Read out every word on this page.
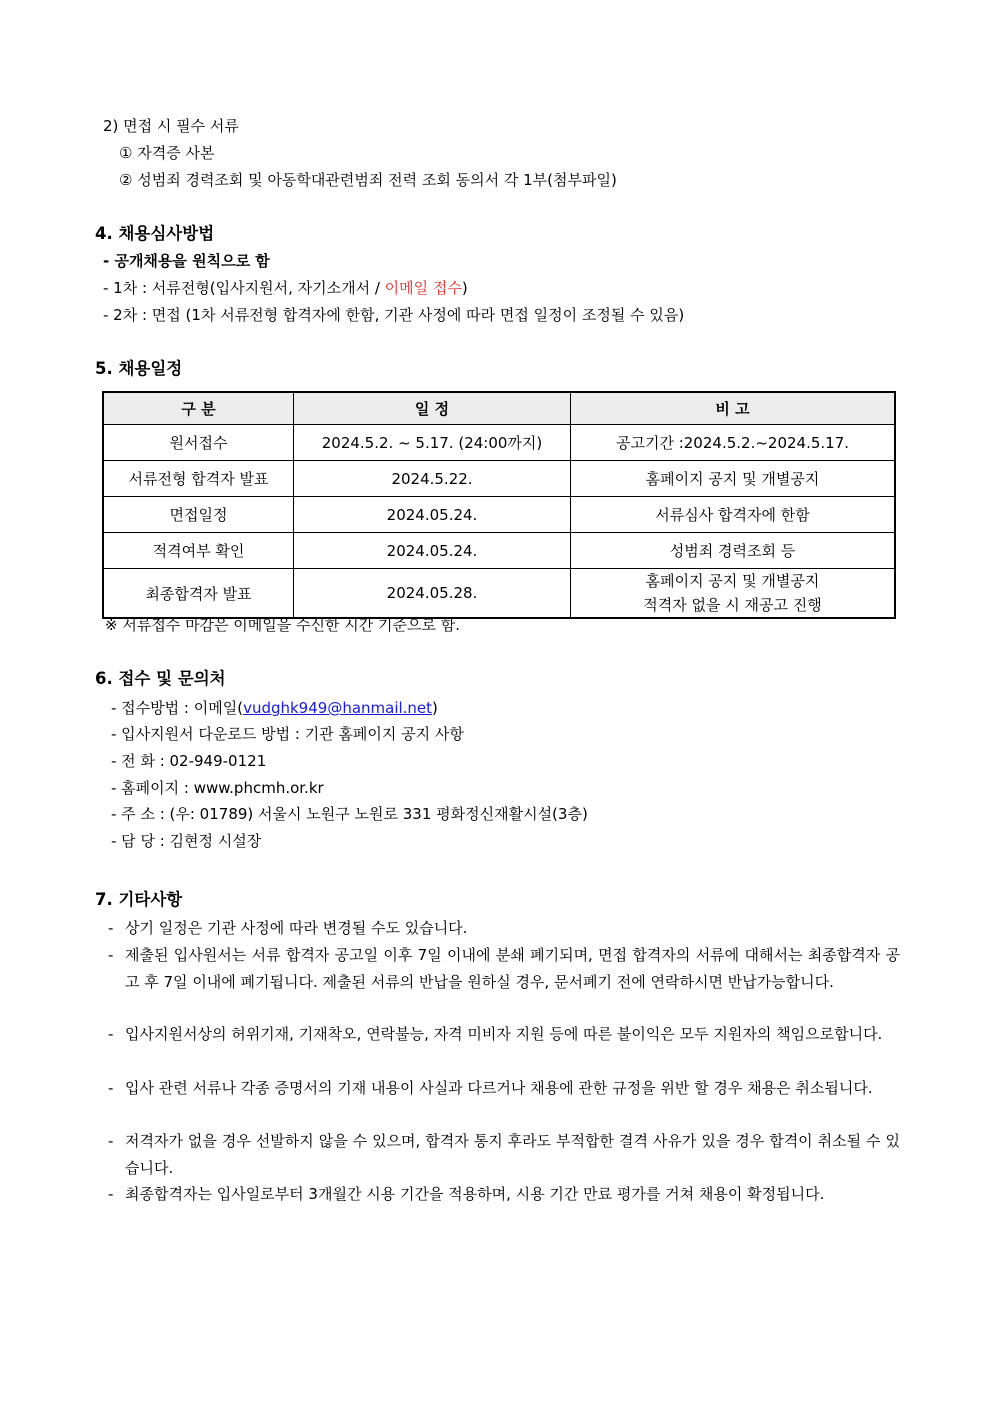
2) 면접 시 필수 서류
① 자격증 사본
② 성범죄 경력조회 및 아동학대관련범죄 전력 조회 동의서 각 1부(첨부파일)
4. 채용심사방법
- 공개채용을 원칙으로 함
- 1차 : 서류전형(입사지원서, 자기소개서 / 이메일 접수)
- 2차 : 면접 (1차 서류전형 합격자에 한함, 기관 사정에 따라 면접 일정이 조정될 수 있음)
5. 채용일정
구 분	일 정	비 고
원서접수	2024.5.2. ~ 5.17. (24:00까지)	공고기간 :2024.5.2.~2024.5.17.
서류전형 합격자 발표	2024.5.22.	홈페이지 공지 및 개별공지
면접일정	2024.05.24.	서류심사 합격자에 한함
적격여부 확인	2024.05.24.	성범죄 경력조회 등
최종합격자 발표	2024.05.28.	홈페이지 공지 및 개별공지
적격자 없을 시 재공고 진행
※ 서류접수 마감은 이메일을 수신한 시간 기준으로 함.
6. 접수 및 문의처
- 접수방법 : 이메일(vudghk949@hanmail.net)
- 입사지원서 다운로드 방법 : 기관 홈페이지 공지 사항
- 전 화 : 02-949-0121
- 홈페이지 : www.phcmh.or.kr
- 주 소 : (우: 01789) 서울시 노원구 노원로 331 평화정신재활시설(3층)
- 담 당 : 김현정 시설장
7. 기타사항
- 상기 일정은 기관 사정에 따라 변경될 수도 있습니다.
- 제출된 입사원서는 서류 합격자 공고일 이후 7일 이내에 분쇄 폐기되며, 면접 합격자의 서류에 대해서는 최종합격자 공고 후 7일 이내에 폐기됩니다. 제출된 서류의 반납을 원하실 경우, 문서폐기 전에 연락하시면 반납가능합니다.
- 입사지원서상의 허위기재, 기재착오, 연락불능, 자격 미비자 지원 등에 따른 불이익은 모두 지원자의 책임으로합니다.
- 입사 관련 서류나 각종 증명서의 기재 내용이 사실과 다르거나 채용에 관한 규정을 위반 할 경우 채용은 취소됩니다.
- 저격자가 없을 경우 선발하지 않을 수 있으며, 합격자 통지 후라도 부적합한 결격 사유가 있을 경우 합격이 취소될 수 있습니다.
- 최종합격자는 입사일로부터 3개월간 시용 기간을 적용하며, 시용 기간 만료 평가를 거쳐 채용이 확정됩니다.
